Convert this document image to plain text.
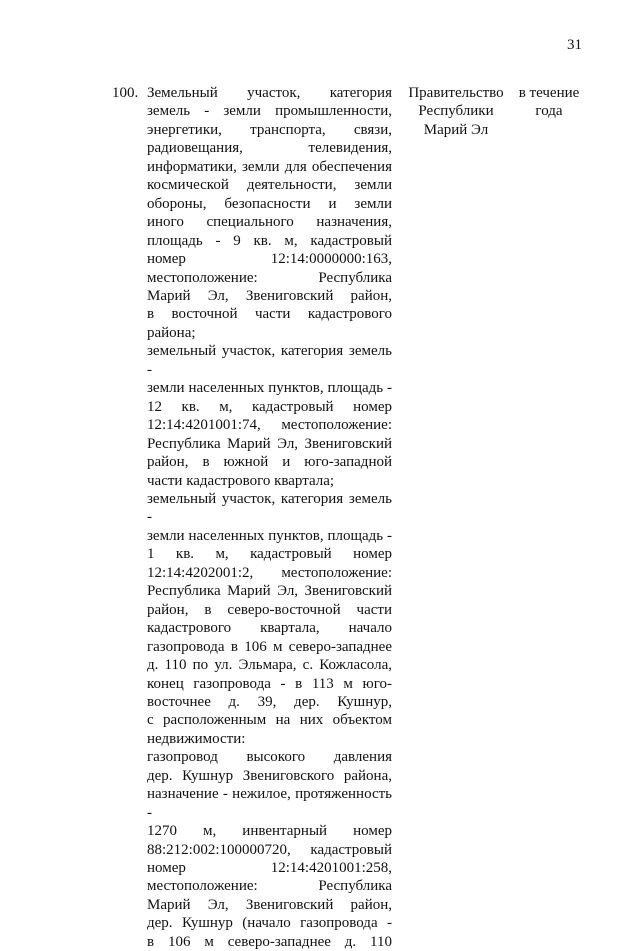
31
100. Земельный участок, категория
земель - земли промышленности,
энергетики, транспорта, связи,
радиовещания, телевидения,
информатики, земли для обеспечения
космической деятельности, земли
обороны, безопасности и земли
иного специального назначения,
площадь - 9 кв. м, кадастровый
номер 12:14:0000000:163,
местоположение: Республика
Марий Эл, Звениговский район,
в восточной части кадастрового
района;
земельный участок, категория земель -
земли населенных пунктов, площадь -
12 кв. м, кадастровый номер
12:14:4201001:74, местоположение:
Республика Марий Эл, Звениговский
район, в южной и юго-западной
части кадастрового квартала;
земельный участок, категория земель -
земли населенных пунктов, площадь -
1 кв. м, кадастровый номер
12:14:4202001:2, местоположение:
Республика Марий Эл, Звениговский
район, в северо-восточной части
кадастрового квартала, начало
газопровода в 106 м северо-западнее
д. 110 по ул. Эльмара, с. Кожласола,
конец газопровода - в 113 м юго-
восточнее д. 39, дер. Кушнур,
с расположенным на них объектом
недвижимости:
газопровод высокого давления
дер. Кушнур Звениговского района,
назначение - нежилое, протяженность -
1270 м, инвентарный номер
88:212:002:100000720, кадастровый
номер 12:14:4201001:258,
местоположение: Республика
Марий Эл, Звениговский район,
дер. Кушнур (начало газопровода -
в 106 м северо-западнее д. 110
Правительство
Республики
Марий Эл
в течение
года
